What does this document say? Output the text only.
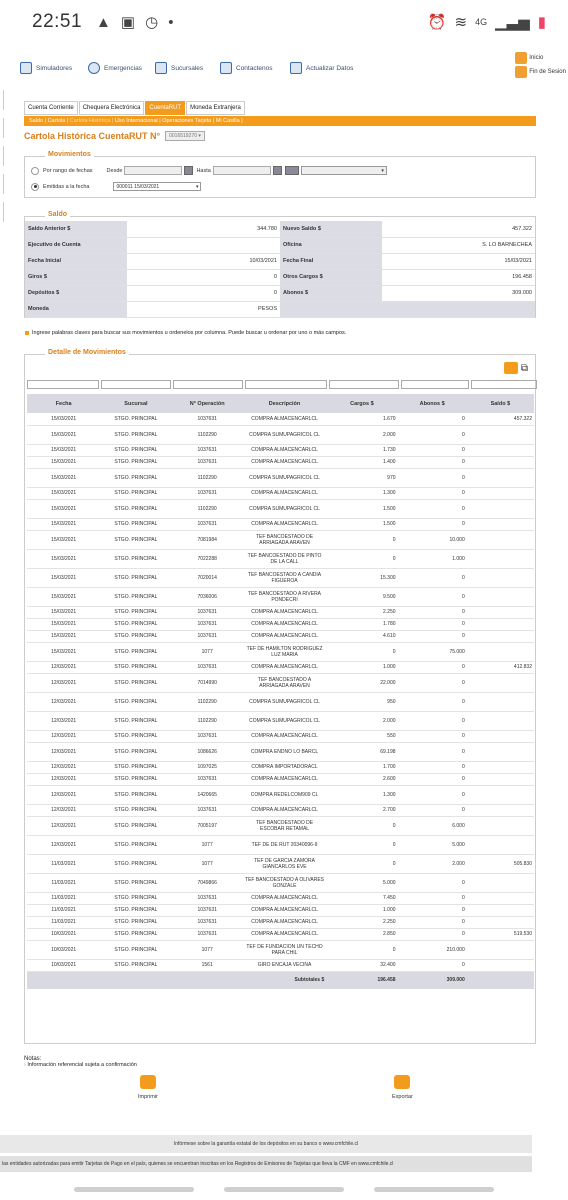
22:51 ▲ ▣ ◷ •	⏰ ≋ 4G ▁▃▅ ▮
Simuladores	Emergencias	Sucursales	Contactenos	Actualizar Datos
Inicio
Fin de Sesion
Cuenta Corriente	Chequera Electrónica	CuentaRUT	Moneda Extranjera
Saldo | Cartola | Cartola Histórica | Uso Internacional | Operaciones Tarjeta | Mi Casilla |
Cartola Histórica CuentaRUT N°	0016519270 ▾
Movimientos
Por rango de fechas	Desde	Hasta	▾
Emitidas a la fecha	000011 15/03/2021	▾
Saldo
Saldo Anterior $	344.780	Nuevo Saldo $	457.322
Ejecutivo de Cuenta		Oficina	S. LO BARNECHEA
Fecha Inicial	10/03/2021	Fecha Final	15/03/2021
Giros $	0	Otros Cargos $	196.458
Depósitos $	0	Abonos $	309.000
Moneda	PESOS		
Ingrese palabras claves para buscar sus movimientos u ordenelos por columna. Puede buscar u ordenar por uno o más campos.
Detalle de Movimientos
⧉
Fecha	Sucursal	N° Operación	Descripción	Cargos $	Abonos $	Saldo $
15/03/2021	STGO. PRINCIPAL	1037631	COMPRA ALMACENCARLCL	1.670	0	457.322
15/03/2021	STGO. PRINCIPAL	1102290	COMPRA SUMUPAGRICOL CL	2.000	0	
15/03/2021	STGO. PRINCIPAL	1037631	COMPRA ALMACENCARLCL	1.730	0	
15/03/2021	STGO. PRINCIPAL	1037631	COMPRA ALMACENCARLCL	1.400	0	
15/03/2021	STGO. PRINCIPAL	1102290	COMPRA SUMUPAGRICOL CL	970	0	
15/03/2021	STGO. PRINCIPAL	1037631	COMPRA ALMACENCARLCL	1.300	0	
15/03/2021	STGO. PRINCIPAL	1102290	COMPRA SUMUPAGRICOL CL	1.500	0	
15/03/2021	STGO. PRINCIPAL	1037631	COMPRA ALMACENCARLCL	1.500	0	
15/03/2021	STGO. PRINCIPAL	7081984	TEF BANCOESTADO DE ARRIAGADA ARAVEN	0	10.000	
15/03/2021	STGO. PRINCIPAL	7022288	TEF BANCOESTADO DE PINTO DE LA CALL	0	1.000	
15/03/2021	STGO. PRINCIPAL	7020014	TEF BANCOESTADO A CANDIA FIGUEROA	15.300	0	
15/03/2021	STGO. PRINCIPAL	7036006	TEF BANCOESTADO A RIVERA PONDECRI	9.500	0	
15/03/2021	STGO. PRINCIPAL	1037631	COMPRA ALMACENCARLCL	2.250	0	
15/03/2021	STGO. PRINCIPAL	1037631	COMPRA ALMACENCARLCL	1.780	0	
15/03/2021	STGO. PRINCIPAL	1037631	COMPRA ALMACENCARLCL	4.610	0	
15/03/2021	STGO. PRINCIPAL	1077	TEF DE HAMILTON RODRIGUEZ LUZ MARIA	0	75.000	
12/03/2021	STGO. PRINCIPAL	1037631	COMPRA ALMACENCARLCL	1.000	0	412.832
12/03/2021	STGO. PRINCIPAL	7014990	TEF BANCOESTADO A ARRIAGADA ARAVEN	22.000	0	
12/03/2021	STGO. PRINCIPAL	1102290	COMPRA SUMUPAGRICOL CL	950	0	
12/03/2021	STGO. PRINCIPAL	1102290	COMPRA SUMUPAGRICOL CL	2.000	0	
12/03/2021	STGO. PRINCIPAL	1037631	COMPRA ALMACENCARLCL	550	0	
12/03/2021	STGO. PRINCIPAL	1086626	COMPRA ENDNO LO BARCL	69.198	0	
12/03/2021	STGO. PRINCIPAL	1097025	COMPRA IMPORTADORACL	1.700	0	
12/03/2021	STGO. PRINCIPAL	1037631	COMPRA ALMACENCARLCL	2.600	0	
12/03/2021	STGO. PRINCIPAL	1420665	COMPRA REDELCOM909 CL	1.300	0	
12/03/2021	STGO. PRINCIPAL	1037631	COMPRA ALMACENCARLCL	2.700	0	
12/03/2021	STGO. PRINCIPAL	7005197	TEF BANCOESTADO DE ESCOBAR RETAMAL	0	6.000	
12/03/2021	STGO. PRINCIPAL	1077	TEF DE DE RUT 20340096-9	0	5.000	
11/03/2021	STGO. PRINCIPAL	1077	TEF DE GARCIA ZAMORA GIANCARLOS EVE	0	2.000	505.830
11/03/2021	STGO. PRINCIPAL	7049866	TEF BANCOESTADO A OLIVARES GONZALE	5.000	0	
11/03/2021	STGO. PRINCIPAL	1037631	COMPRA ALMACENCARLCL	7.450	0	
11/03/2021	STGO. PRINCIPAL	1037631	COMPRA ALMACENCARLCL	1.000	0	
11/03/2021	STGO. PRINCIPAL	1037631	COMPRA ALMACENCARLCL	2.250	0	
10/03/2021	STGO. PRINCIPAL	1037631	COMPRA ALMACENCARLCL	2.850	0	519.530
10/03/2021	STGO. PRINCIPAL	1077	TEF DE FUNDACION UN TECHO PARA CHIL	0	210.000	
10/03/2021	STGO. PRINCIPAL	1561	GIRO ENCAJA VECINA	32.400	0	
			Subtotales $	196.458	309.000	
Notas:
› Información referencial sujeta a confirmación
Imprimir	Exportar
Infórmese sobre la garantía estatal de los depósitos en su banco o www.cmfchile.cl
las entidades autorizadas para emitir Tarjetas de Pago en el país, quienes se encuentran inscritas en los Registros de Emisores de Tarjetas que lleva la CMF en www.cmfchile.cl
